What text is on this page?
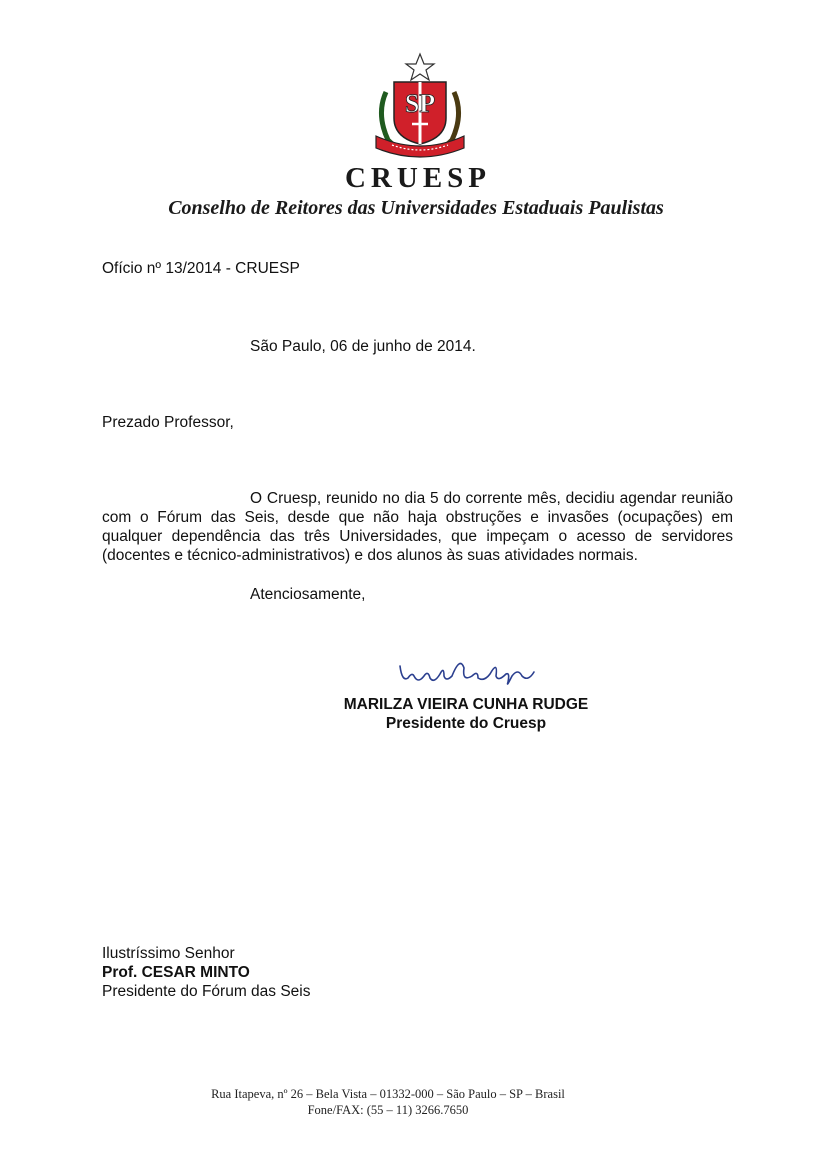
SP
CRUESP
Conselho de Reitores das Universidades Estaduais Paulistas
Ofício nº 13/2014 - CRUESP
São Paulo, 06 de junho de 2014.
Prezado Professor,
O Cruesp, reunido no dia 5 do corrente mês, decidiu agendar reunião com o Fórum das Seis, desde que não haja obstruções e invasões (ocupações) em qualquer dependência das três Universidades, que impeçam o acesso de servidores (docentes e técnico-administrativos) e dos alunos às suas atividades normais.
Atenciosamente,
MARILZA VIEIRA CUNHA RUDGE
Presidente do Cruesp
Ilustríssimo Senhor
Prof. CESAR MINTO
Presidente do Fórum das Seis
Rua Itapeva, nº 26 – Bela Vista – 01332-000 – São Paulo – SP – Brasil
Fone/FAX: (55 – 11) 3266.7650
